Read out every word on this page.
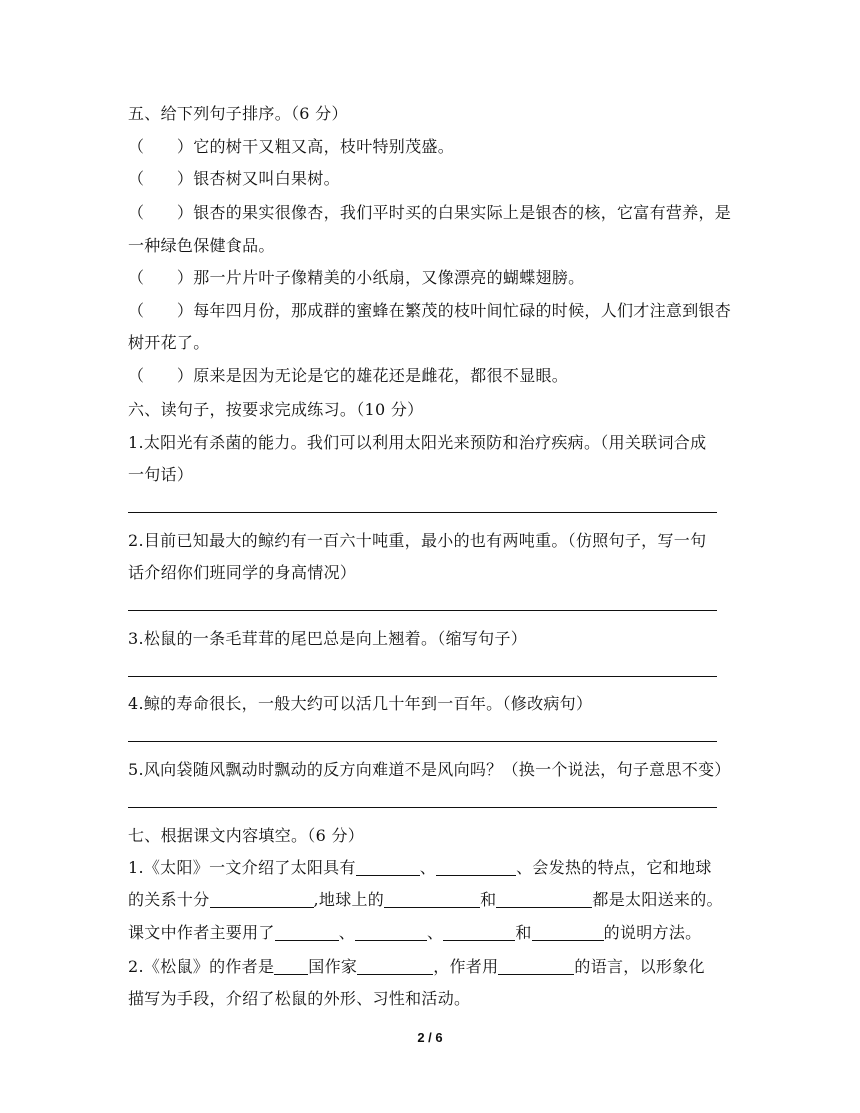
五、给下列句子排序。（6 分）
（　　）它的树干又粗又高，枝叶特别茂盛。
（　　）银杏树又叫白果树。
（　　）银杏的果实很像杏，我们平时买的白果实际上是银杏的核，它富有营养，是
一种绿色保健食品。
（　　）那一片片叶子像精美的小纸扇，又像漂亮的蝴蝶翅膀。
（　　）每年四月份，那成群的蜜蜂在繁茂的枝叶间忙碌的时候，人们才注意到银杏
树开花了。
（　　）原来是因为无论是它的雄花还是雌花，都很不显眼。
六、读句子，按要求完成练习。（10 分）
1.太阳光有杀菌的能力。我们可以利用太阳光来预防和治疗疾病。（用关联词合成
一句话）
2.目前已知最大的鲸约有一百六十吨重，最小的也有两吨重。（仿照句子，写一句
话介绍你们班同学的身高情况）
3.松鼠的一条毛茸茸的尾巴总是向上翘着。（缩写句子）
4.鲸的寿命很长，一般大约可以活几十年到一百年。（修改病句）
5.风向袋随风飘动时飘动的反方向难道不是风向吗？（换一个说法，句子意思不变）
七、根据课文内容填空。（6 分）
1.《太阳》一文介绍了太阳具有	、	、会发热的特点，它和地球
的关系十分	,地球上的	和	都是太阳送来的。
课文中作者主要用了	、	、	和	的说明方法。
2.《松鼠》的作者是 国作家	，作者用	的语言，以形象化
描写为手段，介绍了松鼠的外形、习性和活动。
2 / 6
